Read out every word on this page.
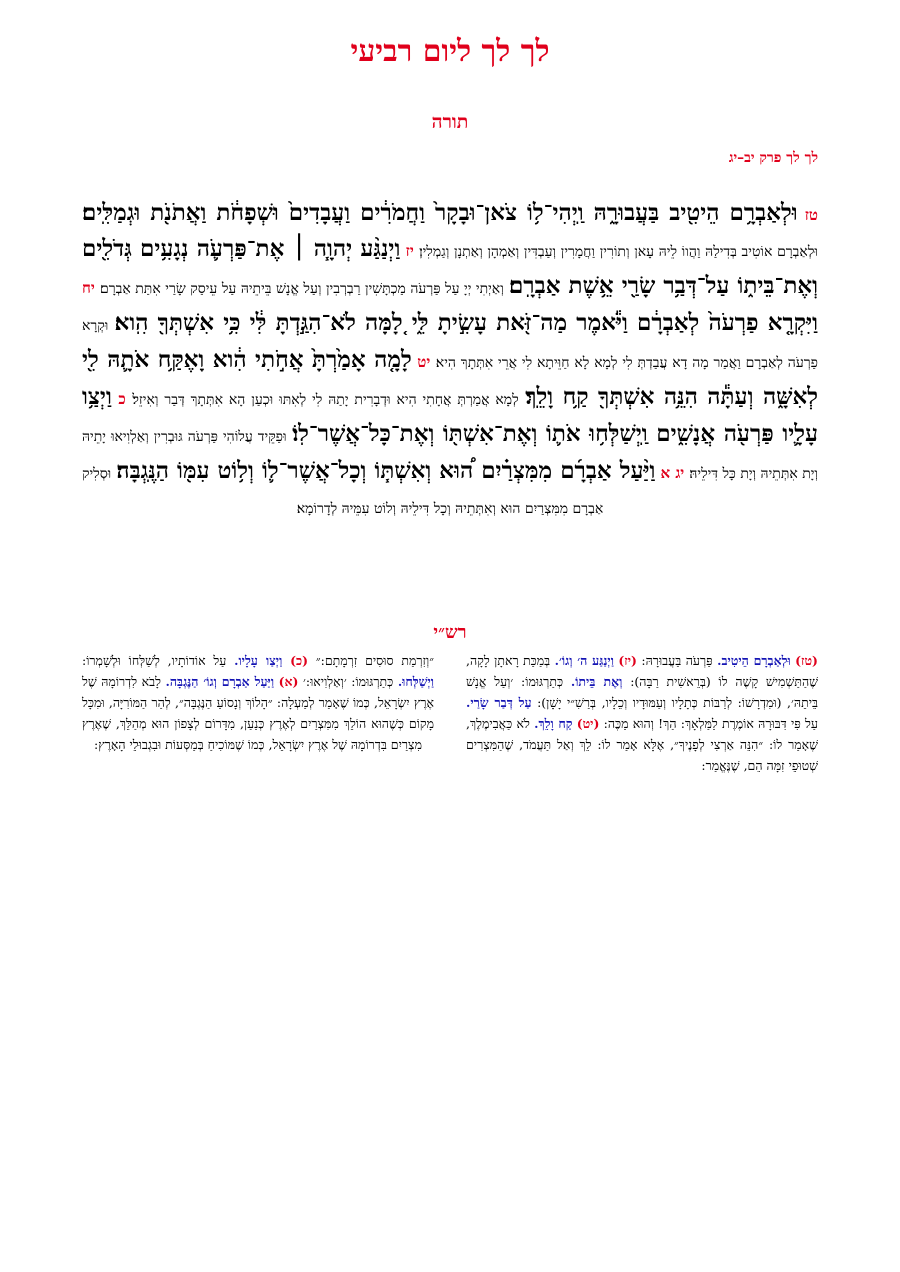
לך לך ליום רביעי
תורה
לך לך פרק יב–יג
טז וּלְאַבְרָ֥ם הֵיטִ֖יב בַּעֲבוּרָ֑הּ וַֽיְהִי־ל֥וֹ צֹאן־וּבָקָר֙ וַחֲמֹרִ֔ים וַעֲבָדִים֙ וּשְׁפָחֹ֔ת וַאֲתֹנֹ֖ת וּגְמַלִּֽים׃ וּלְאַבְרָם אוֹטִיב בְּדִילַהּ וַהֲווֹ לֵיהּ עָאן וְתוֹרִין וַחֲמָרִין וְעַבְדִּין וְאַמְהָן וְאַתְנָן וְגַמְלִין׃ יז וַיְנַגַּ֨ע יְהוָ֧ה ׀ אֶת־פַּרְעֹ֛ה נְגָעִ֥ים גְּדֹלִ֖ים וְאֶת־בֵּית֑וֹ עַל־דְּבַ֥ר שָׂרַ֖י אֵ֥שֶׁת אַבְרָֽם׃ וְאַיְתִי יְיָ עַל פַּרְעֹה מַכְתָּשִׁין רַבְרְבִין וְעַל אֱנָשׁ בֵּיתֵיהּ עַל עֵיסַק שָׂרַי אִתַּת אַבְרָם׃ יח וַיִּקְרָ֤א פַרְעֹה֙ לְאַבְרָ֔ם וַיֹּ֕אמֶר מַה־זֹּ֖את עָשִׂ֣יתָ לִּ֑י לָ֚מָּה לֹא־הִגַּ֣דְתָּ לִּ֔י כִּ֥י אִשְׁתְּךָ֖ הִֽוא׃ וּקְרָא פַרְעֹה לְאַבְרָם וַאֲמַר מָה דָא עֲבַדְתְּ לִי לְמָא לָא חַוֵּיתָא לִי אֲרֵי אִתְּתָךְ הִיא׃ יט לָמָ֤ה אָמַ֙רְתָּ֙ אֲחֹ֣תִי הִ֔וא וָאֶקַּ֥ח אֹתָ֛הּ לִ֖י לְאִשָּׁ֑ה וְעַתָּ֕ה הִנֵּ֥ה אִשְׁתְּךָ֖ קַ֥ח וָלֵֽךְ׃ לְמָא אֲמַרְתְּ אֲחָתִי הִיא וּדְבָרִית יָתַהּ לִי לְאִתּוּ וּכְעַן הָא אִתְּתָךְ דְּבַר וְאִיזֵל׃ כ וַיְצַ֥ו עָלָ֛יו פַּרְעֹ֖ה אֲנָשִׁ֑ים וַֽיְשַׁלְּח֥וּ אֹת֛וֹ וְאֶת־אִשְׁתּ֖וֹ וְאֶת־כָּל־אֲשֶׁר־לֽוֹ׃ וּפַקֵּיד עֲלוֹהִי פַּרְעֹה גּוּבְרִין וְאַלְוִיאוּ יָתֵיהּ וְיָת אִתְּתֵיהּ וְיָת כָּל דִּילֵיהּ׃ יג א וַיַּ֨עַל אַבְרָ֜ם מִמִּצְרַ֗יִם ה֠וּא וְאִשְׁתּ֧וֹ וְכָל־אֲשֶׁר־ל֛וֹ וְל֥וֹט עִמּ֖וֹ הַנֶּֽגְבָּה׃ וּסְלִיק אַבְרָם מִמִּצְרַיִם הוּא וְאִתְּתֵיהּ וְכָל דִּילֵיהּ וְלוֹט עִמֵּיהּ לְדָרוֹמָא׃
רש״י
(טז) וּלְאַבְרָם הֵיטִיב. פַּרְעֹה בַּעֲבוּרָהּ: (יז) וַיְנַגַּע ה׳ וְגוֹ׳. בְּמַכַּת רָאתָן לָקָה, שֶׁהַתַּשְׁמִישׁ קָשֶׁה לוֹ (בְּרֵאשִׁית רַבָּה): וְאֶת בֵּיתוֹ. כְּתַרְגּוּמוֹ: ׳וְעַל אֱנָשׁ בֵּיתֵהּ׳, (וּמִדְרָשׁוֹ: לְרַבּוֹת כְּתָלָיו וְעַמּוּדָיו וְכֵלָיו, בְּרַשִׁ״י יָשָׁן): עַל דְּבַר שָׂרַי. עַל פִּי דִּבּוּרָהּ אוֹמֶרֶת לַמַּלְאָךְ: הַךְ! וְהוּא מַכֶּה: (יט) קַח וָלֵךְ. לֹא כַּאֲבִימֶלֶךְ, שֶׁאָמַר לוֹ: ״הִנֵּה אַרְצִי לְפָנֶיךָ״, אֶלָּא אָמַר לוֹ: לֵךְ וְאַל תַּעֲמֹד, שֶׁהַמִּצְרִים שְׁטוּפֵי זִמָּה הֵם, שֶׁנֶּאֱמַר:
״וְזִרְמַת סוּסִים זִרְמָתָם:״ (כ) וַיְצַו עָלָיו. עַל אוֹדוֹתָיו, לְשַׁלְּחוֹ וּלְשָׁמְרוֹ: וַיְשַׁלְּחוּ. כְּתַרְגּוּמוֹ: ׳וְאַלְוִיאוּ:׳ (א) וַיַּעַל אַבְרָם וְגוֹ׳ הַנֶּגְבָּה. לָבֹא לִדְרוֹמָהּ שֶׁל אֶרֶץ יִשְׂרָאֵל, כְּמוֹ שֶׁאָמַר לְמַעְלָה: ״הָלוֹךְ וְנָסוֹעַ הַנֶּגְבָּה״, לְהַר הַמּוֹרִיָּה, וּמִכָּל מָקוֹם כְּשֶׁהוּא הוֹלֵךְ מִמִּצְרַיִם לְאֶרֶץ כְּנַעַן, מִדָּרוֹם לְצָפוֹן הוּא מְהַלֵּךְ, שֶׁאֶרֶץ מִצְרַיִם בִּדְרוֹמָהּ שֶׁל אֶרֶץ יִשְׂרָאֵל, כְּמוֹ שֶׁמּוֹכִיחַ בְּמַסְּעוֹת וּבִגְבוּלֵי הָאָרֶץ:
